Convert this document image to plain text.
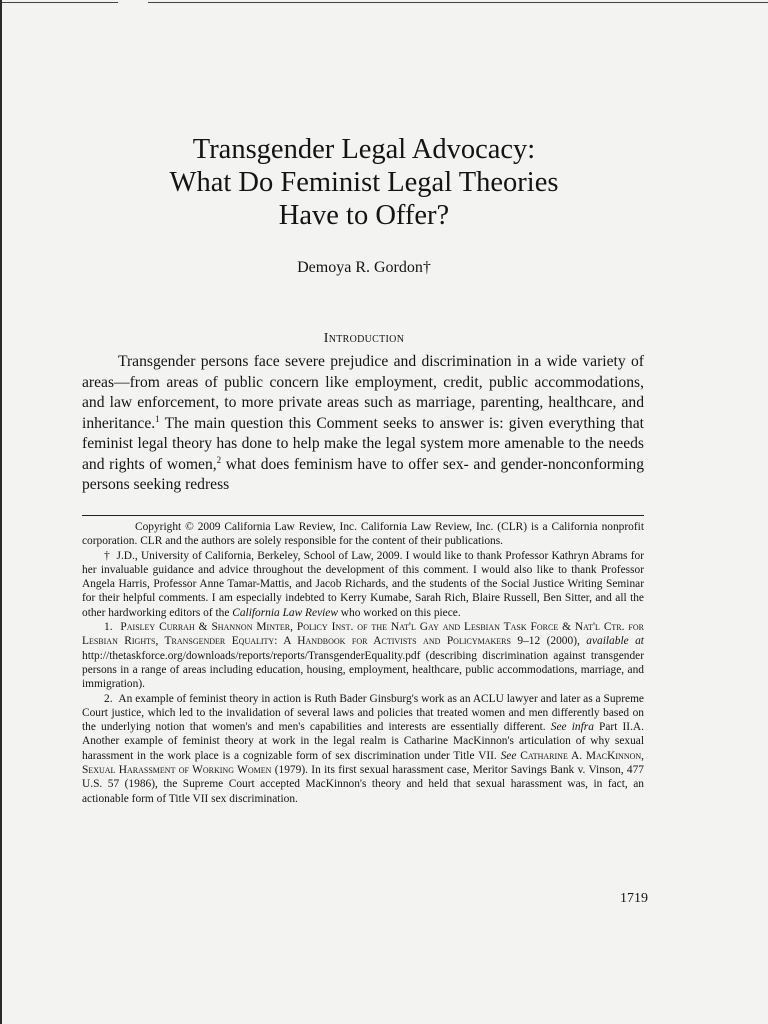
Transgender Legal Advocacy:
What Do Feminist Legal Theories
Have to Offer?
Demoya R. Gordon†
Introduction

Transgender persons face severe prejudice and discrimination in a wide variety of areas—from areas of public concern like employment, credit, public accommodations, and law enforcement, to more private areas such as marriage, parenting, healthcare, and inheritance.$^1$ The main question this Comment seeks to answer is: given everything that feminist legal theory has done to help make the legal system more amenable to the needs and rights of women,$^2$ what does feminism have to offer sex- and gender-nonconforming persons seeking redress

Copyright © 2009 California Law Review, Inc. California Law Review, Inc. (CLR) is a California nonprofit corporation. CLR and the authors are solely responsible for the content of their publications.

† J.D., University of California, Berkeley, School of Law, 2009. I would like to thank Professor Kathryn Abrams for her invaluable guidance and advice throughout the development of this comment. I would also like to thank Professor Angela Harris, Professor Anne Tamar-Mattis, and Jacob Richards, and the students of the Social Justice Writing Seminar for their helpful comments. I am especially indebted to Kerry Kumabe, Sarah Rich, Blaire Russell, Ben Sitter, and all the other hardworking editors of the California Law Review who worked on this piece.

1. Paisley Currah & Shannon Minter, Policy Inst. of the Nat'l Gay and Lesbian Task Force & Nat'l Ctr. for Lesbian Rights, Transgender Equality: A Handbook for Activists and Policymakers 9–12 (2000), available at http://thetaskforce.org/downloads/reports/reports/TransgenderEquality.pdf (describing discrimination against transgender persons in a range of areas including education, housing, employment, healthcare, public accommodations, marriage, and immigration).

2. An example of feminist theory in action is Ruth Bader Ginsburg's work as an ACLU lawyer and later as a Supreme Court justice, which led to the invalidation of several laws and policies that treated women and men differently based on the underlying notion that women's and men's capabilities and interests are essentially different. See infra Part II.A. Another example of feminist theory at work in the legal realm is Catharine MacKinnon's articulation of why sexual harassment in the work place is a cognizable form of sex discrimination under Title VII. See Catharine A. MacKinnon, Sexual Harassment of Working Women (1979). In its first sexual harassment case, Meritor Savings Bank v. Vinson, 477 U.S. 57 (1986), the Supreme Court accepted MacKinnon's theory and held that sexual harassment was, in fact, an actionable form of Title VII sex discrimination.

1719
